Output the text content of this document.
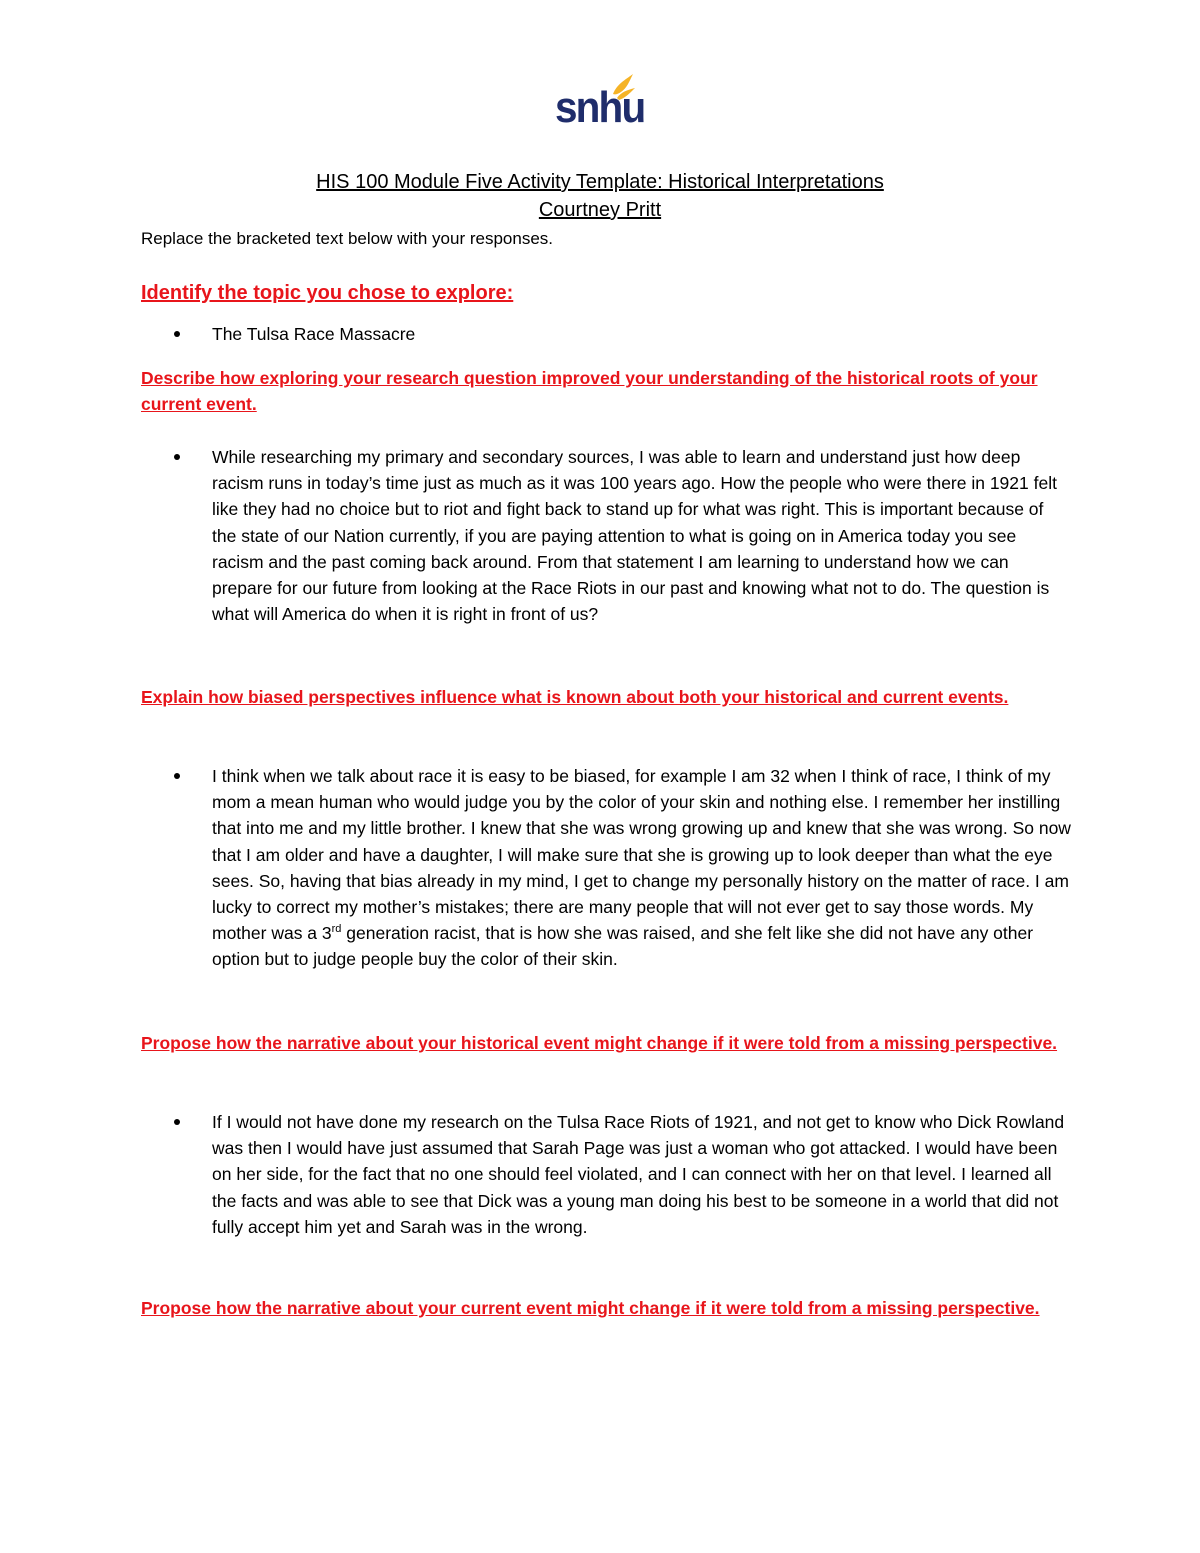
snhu
HIS 100 Module Five Activity Template: Historical Interpretations
Courtney Pritt
Replace the bracketed text below with your responses.
Identify the topic you chose to explore:
The Tulsa Race Massacre
Describe how exploring your research question improved your understanding of the historical roots of your current event.
While researching my primary and secondary sources, I was able to learn and understand just how deep racism runs in today’s time just as much as it was 100 years ago. How the people who were there in 1921 felt like they had no choice but to riot and fight back to stand up for what was right. This is important because of the state of our Nation currently, if you are paying attention to what is going on in America today you see racism and the past coming back around. From that statement I am learning to understand how we can prepare for our future from looking at the Race Riots in our past and knowing what not to do. The question is what will America do when it is right in front of us?
Explain how biased perspectives influence what is known about both your historical and current events.
I think when we talk about race it is easy to be biased, for example I am 32 when I think of race, I think of my mom a mean human who would judge you by the color of your skin and nothing else. I remember her instilling that into me and my little brother. I knew that she was wrong growing up and knew that she was wrong. So now that I am older and have a daughter, I will make sure that she is growing up to look deeper than what the eye sees. So, having that bias already in my mind, I get to change my personally history on the matter of race. I am lucky to correct my mother’s mistakes; there are many people that will not ever get to say those words. My mother was a 3rd generation racist, that is how she was raised, and she felt like she did not have any other option but to judge people buy the color of their skin.
Propose how the narrative about your historical event might change if it were told from a missing perspective.
If I would not have done my research on the Tulsa Race Riots of 1921, and not get to know who Dick Rowland was then I would have just assumed that Sarah Page was just a woman who got attacked. I would have been on her side, for the fact that no one should feel violated, and I can connect with her on that level. I learned all the facts and was able to see that Dick was a young man doing his best to be someone in a world that did not fully accept him yet and Sarah was in the wrong.
Propose how the narrative about your current event might change if it were told from a missing perspective.
